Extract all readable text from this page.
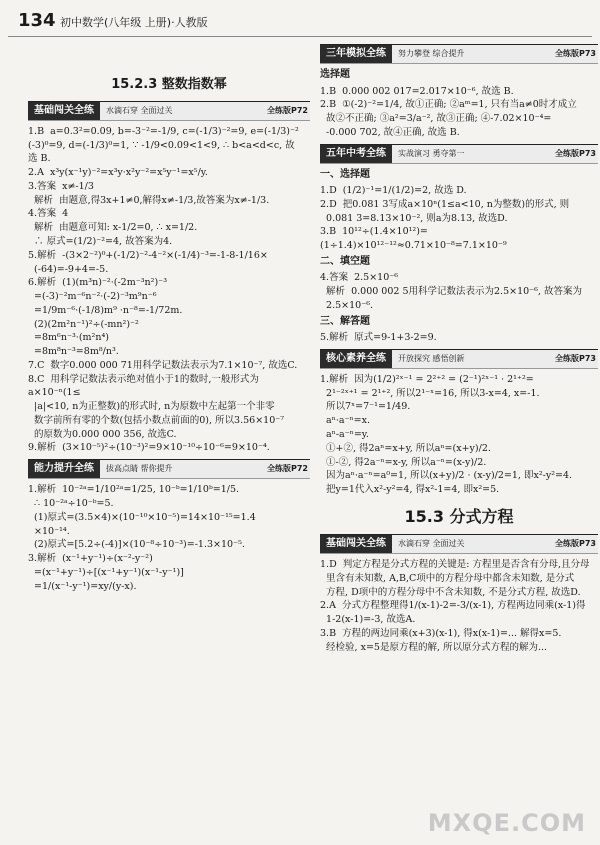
134 初中数学(八年级 上册)·人教版
15.2.3 整数指数幂
基础闯关全练	水滴石穿 全面过关	全练版P72
1.B  a=0.3²=0.09, b=-3⁻²=-1/9, c=(-1/3)⁻²=9, e=(-1/3)⁻²
(-3)⁰=9, d=(-1/3)⁰=1, ∵ -1/9<0.09<1<9, ∴ b<a<d<c, 故
选 B.
2.A  x³y(x⁻¹y)⁻²=x³y·x²y⁻²=x⁵y⁻¹=x⁵/y.
3.答案  x≠-1/3
解析  由题意,得3x+1≠0,解得x≠-1/3,故答案为x≠-1/3.
4.答案  4
解析  由题意可知: x-1/2=0, ∴ x=1/2.
∴ 原式=(1/2)⁻²=4, 故答案为4.
5.解析  -(3×2⁻²)⁰+(-1/2)⁻²-4⁻²×(-1/4)⁻³=-1-8-1/16×
(-64)=-9+4=-5.
6.解析  (1)(m³n)⁻²·(-2m⁻³n²)⁻³
=(-3)⁻²m⁻⁶n⁻²·(-2)⁻³m⁹n⁻⁶
=1/9m⁻⁶·(-1/8)m⁹ ·n⁻⁸=-1/72m.
(2)(2m²n⁻¹)²÷(-mn²)⁻²
=8m⁶n⁻³·(m²n⁴)
=8m⁸n⁻³=8m⁸/n³.
7.C  数字0.000 000 71用科学记数法表示为7.1×10⁻⁷, 故选C.
8.C  用科学记数法表示绝对值小于1的数时,一般形式为a×10⁻ⁿ(1≤
|a|<10, n为正整数)的形式时, n为原数中左起第一个非零
数字前所有零的个数(包括小数点前面的0), 所以3.56×10⁻⁷
的原数为0.000 000 356, 故选C.
9.解析  (3×10⁻⁵)²÷(10⁻³)²=9×10⁻¹⁰÷10⁻⁶=9×10⁻⁴.
能力提升全练	拔高点睛 帮你提升	全练版P72
1.解析  10⁻²ᵃ=1/10²ᵃ=1/25, 10⁻ᵇ=1/10ᵇ=1/5.
∴ 10⁻²ᵃ÷10⁻ᵇ=5.
(1)原式=(3.5×4)×(10⁻¹⁰×10⁻⁵)=14×10⁻¹⁵=1.4
×10⁻¹⁴.
(2)原式=[5.2÷(-4)]×(10⁻⁸÷10⁻³)=-1.3×10⁻⁵.
3.解析  (x⁻¹+y⁻¹)÷(x⁻²-y⁻²)
=(x⁻¹+y⁻¹)÷[(x⁻¹+y⁻¹)(x⁻¹-y⁻¹)]
=1/(x⁻¹-y⁻¹)=xy/(y-x).
三年模拟全练	努力攀登 综合提升	全练版P73
选择题
1.B  0.000 002 017=2.017×10⁻⁶, 故选 B.
2.B  ①(-2)⁻²=1/4, 故①正确; ②aᵐ=1, 只有当a≠0时才成立
故②不正确; ③a²=3/a⁻², 故③正确; ④-7.02×10⁻⁴=
-0.000 702, 故④正确, 故选 B.
五年中考全练	实战演习 勇夺第一	全练版P73
一、选择题
1.D  (1/2)⁻¹=1/(1/2)=2, 故选 D.
2.D  把0.081 3写成a×10ⁿ(1≤a<10, n为整数)的形式, 则
0.081 3=8.13×10⁻², 则a为8.13, 故选D.
3.B  10¹²÷(1.4×10¹²)=(1÷1.4)×10¹²⁻¹²≈0.71×10⁻⁸=7.1×10⁻⁹
二、填空题
4.答案  2.5×10⁻⁶
解析  0.000 002 5用科学记数法表示为2.5×10⁻⁶, 故答案为
2.5×10⁻⁶.
三、解答题
5.解析  原式=9-1+3-2=9.
核心素养全练	开放探究 感悟创新	全练版P73
1.解析  因为(1/2)²ˣ⁻¹ = 2²⁺² = (2⁻¹)²ˣ⁻¹ · 2¹⁺²=
2¹⁻²ˣ⁺¹ = 2¹⁺², 所以2¹⁻ˣ=16, 所以3-x=4, x=-1.
所以7ˣ=7⁻¹=1/49.
aⁿ·a⁻ⁿ=x.
aⁿ-a⁻ⁿ=y.
①+②, 得2aⁿ=x+y, 所以aⁿ=(x+y)/2.
①-②, 得2a⁻ⁿ=x-y, 所以a⁻ⁿ=(x-y)/2.
因为aⁿ·a⁻ⁿ=a⁰=1, 所以(x+y)/2 · (x-y)/2=1, 即x²-y²=4.
把y=1代入x²-y²=4, 得x²-1=4, 即x²=5.
15.3 分式方程
基础闯关全练	水滴石穿 全面过关	全练版P73
1.D  判定方程是分式方程的关键是: 方程里是否含有分母,且分母
里含有未知数, A,B,C项中的方程分母中都含未知数, 是分式
方程, D项中的方程分母中不含未知数, 不是分式方程, 故选D.
2.A  分式方程整理得1/(x-1)-2=-3/(x-1), 方程两边同乘(x-1)得
1-2(x-1)=-3, 故选A.
3.B  方程的两边同乘(x+3)(x-1), 得x(x-1)=... 解得x=5.
经检验, x=5是原方程的解, 所以原分式方程的解为...
MXQE.COM
